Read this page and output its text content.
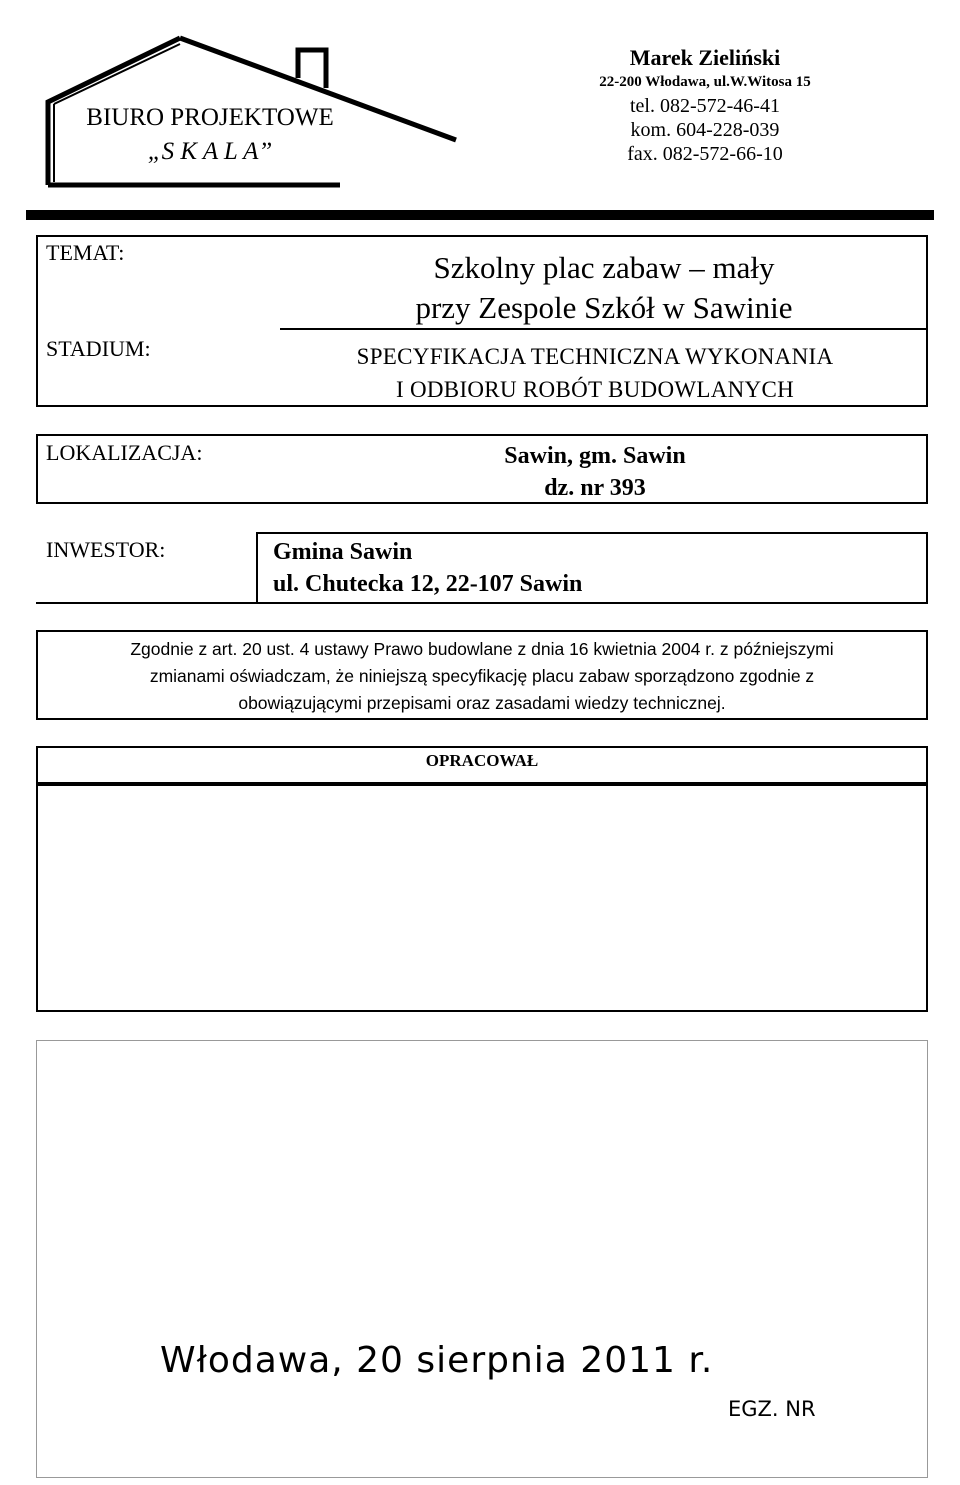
BIURO PROJEKTOWE
„S K A L A”
Marek Zieliński
22-200 Włodawa, ul.W.Witosa 15
tel. 082-572-46-41
kom. 604-228-039
fax. 082-572-66-10
TEMAT:
STADIUM:
LOKALIZACJA:
INWESTOR:
Szkolny plac zabaw – mały
przy Zespole Szkół w Sawinie
SPECYFIKACJA TECHNICZNA WYKONANIA
I ODBIORU ROBÓT BUDOWLANYCH
Sawin, gm. Sawin
dz. nr 393
Gmina Sawin
ul. Chutecka 12, 22-107 Sawin
Zgodnie z art. 20 ust. 4 ustawy Prawo budowlane z dnia 16 kwietnia 2004 r. z późniejszymi
zmianami oświadczam, że niniejszą specyfikację placu zabaw sporządzono zgodnie z
obowiązującymi przepisami oraz zasadami wiedzy technicznej.
OPRACOWAŁ
Włodawa, 20 sierpnia 2011 r.
EGZ. NR
